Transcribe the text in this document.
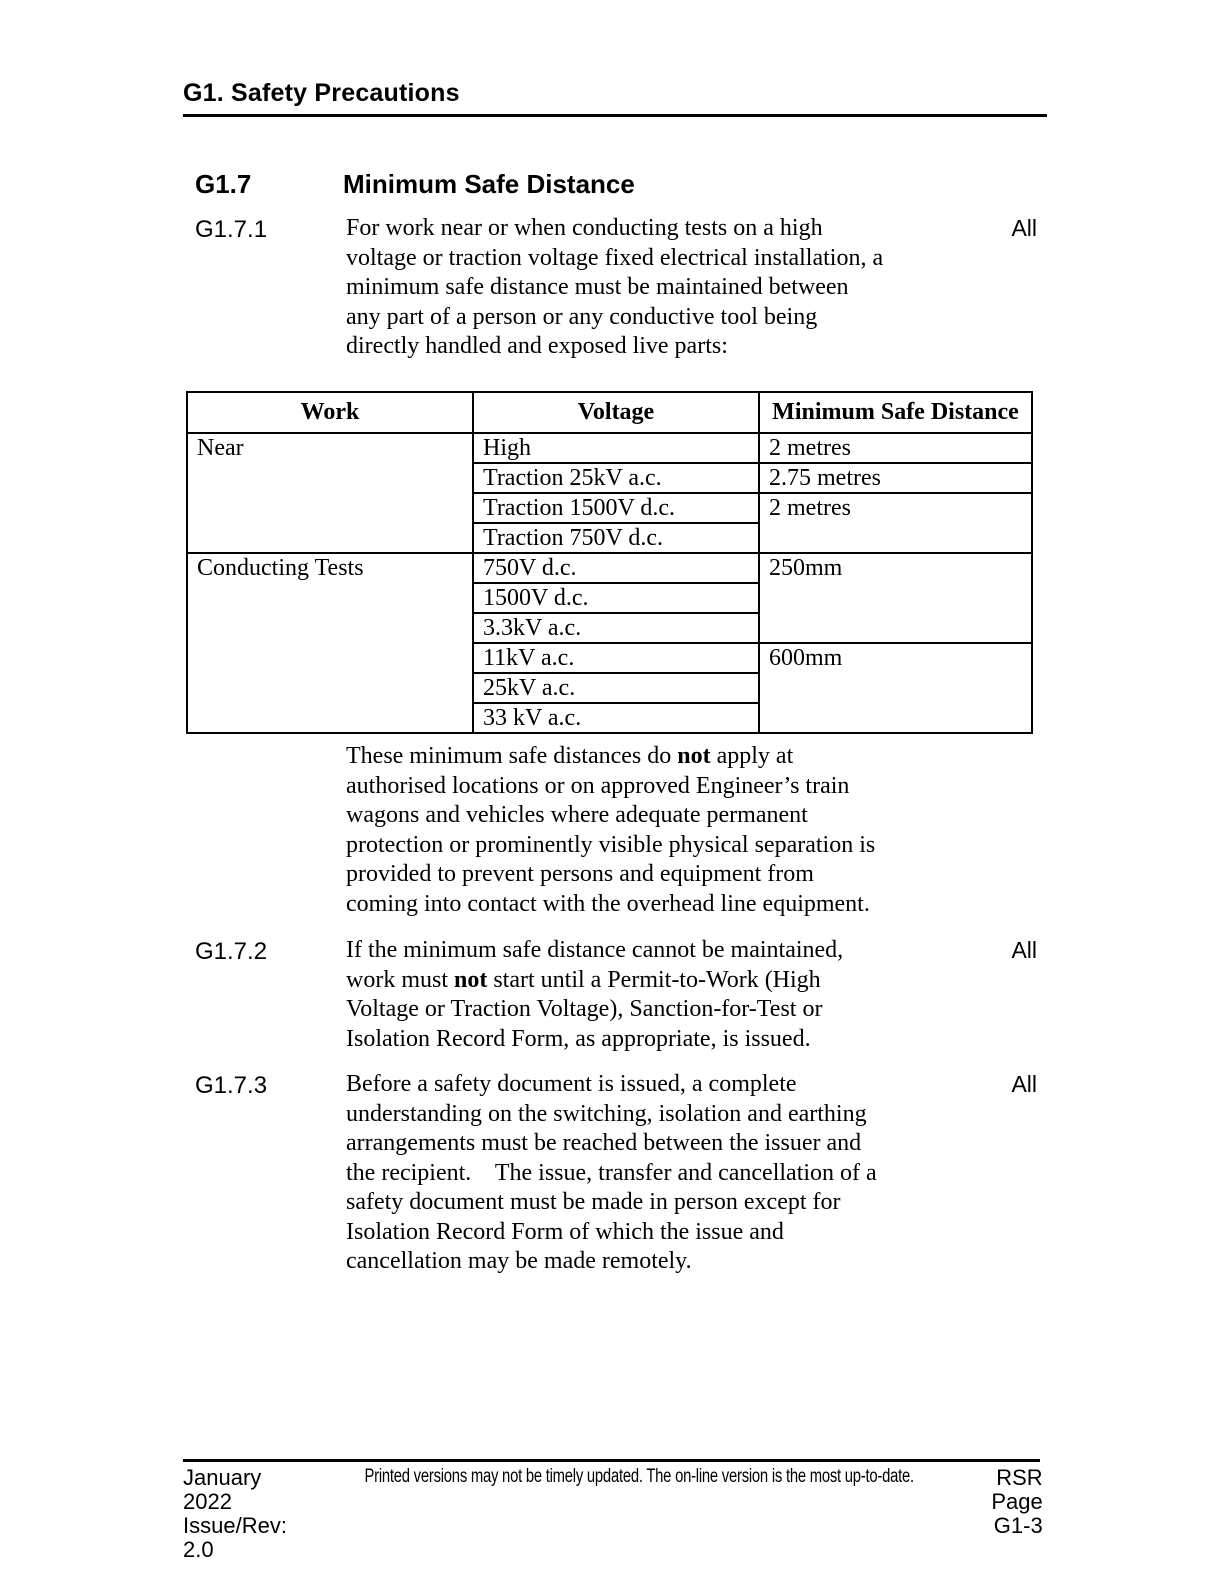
G1. Safety Precautions
G1.7	Minimum Safe Distance
G1.7.1	For work near or when conducting tests on a high
voltage or traction voltage fixed electrical installation, a
minimum safe distance must be maintained between
any part of a person or any conductive tool being
directly handled and exposed live parts:
All
Work	Voltage	Minimum Safe Distance
Near	High	2 metres
	Traction 25kV a.c.	2.75 metres
	Traction 1500V d.c.	2 metres
	Traction 750V d.c.	
Conducting Tests	750V d.c.	250mm
	1500V d.c.	
	3.3kV a.c.	
	11kV a.c.	600mm
	25kV a.c.	
	33 kV a.c.	
These minimum safe distances do not apply at
authorised locations or on approved Engineer’s train
wagons and vehicles where adequate permanent
protection or prominently visible physical separation is
provided to prevent persons and equipment from
coming into contact with the overhead line equipment.
G1.7.2	If the minimum safe distance cannot be maintained,
work must not start until a Permit-to-Work (High
Voltage or Traction Voltage), Sanction-for-Test or
Isolation Record Form, as appropriate, is issued.
All
G1.7.3	Before a safety document is issued, a complete
understanding on the switching, isolation and earthing
arrangements must be reached between the issuer and
the recipient.    The issue, transfer and cancellation of a
safety document must be made in person except for
Isolation Record Form of which the issue and
cancellation may be made remotely.
All
January 2022
Issue/Rev: 2.0
Printed versions may not be timely updated. The on-line version is the most up-to-date.	RSR
Page G1-3
